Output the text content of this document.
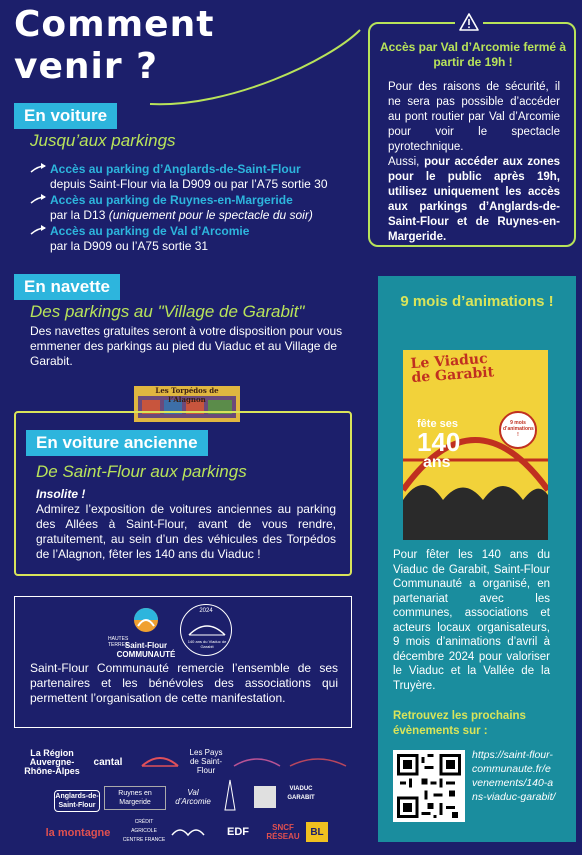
Comment
venir ?
En voiture
Jusqu’aux parkings
Accès au parking d’Anglards-de-Saint-Flour
depuis Saint-Flour via la D909 ou par l’A75 sortie 30
Accès au parking de Ruynes-en-Margeride
par la D13 (uniquement pour le spectacle du soir)
Accès au parking de Val d’Arcomie
par la D909 ou l’A75 sortie 31
Accès par Val d’Arcomie fermé à partir de 19h !
Pour des raisons de sécurité, il ne sera pas possible d’accéder au pont routier par Val d’Arcomie pour voir le spectacle pyrotechnique.
Aussi, pour accéder aux zones pour le public après 19h, utilisez uniquement les accès aux parkings d’Anglards-de-Saint-Flour et de Ruynes-en-Margeride.
En navette
Des parkings au "Village de Garabit"
Des navettes gratuites seront à votre disposition pour vous emmener des parkings au pied du Viaduc et au Village de Garabit.
Les Torpédos de l’Alagnon
En voiture ancienne
De Saint-Flour aux parkings
Insolite !
Admirez l’exposition de voitures anciennes au parking des Allées à Saint-Flour, avant de vous rendre, gratuitement, au sein d’un des véhicules des Torpédos de l’Alagnon, fêter les 140 ans du Viaduc !
Saint-Flour COMMUNAUTÉ
HAUTES TERRES
2024
140 ans du Viaduc de Garabit
Saint-Flour Communauté remercie l’ensemble de ses partenaires et les bénévoles des associations qui permettent l’organisation de cette manifestation.
La Région Auvergne-Rhône-Alpes
cantal
Les Pays de Saint-Flour
Anglards-de-Saint-Flour
Ruynes en Margeride
Val d’Arcomie
VIADUC GARABIT
la montagne
CRÉDIT AGRICOLE CENTRE FRANCE
EDF	SNCF RÉSEAU	BL
9 mois d’animations !
Le Viaduc de Garabit
fête ses
140
ans
9 mois d’animations !
Pour fêter les 140 ans du Viaduc de Garabit, Saint-Flour Communauté a organisé, en partenariat avec les communes, associations et acteurs locaux organisateurs, 9 mois d’animations d’avril à décembre 2024 pour valoriser le Viaduc et la Vallée de la Truyère.
Retrouvez les prochains évènements sur :
https://saint-flour-communaute.fr/evenements/140-ans-viaduc-garabit/
